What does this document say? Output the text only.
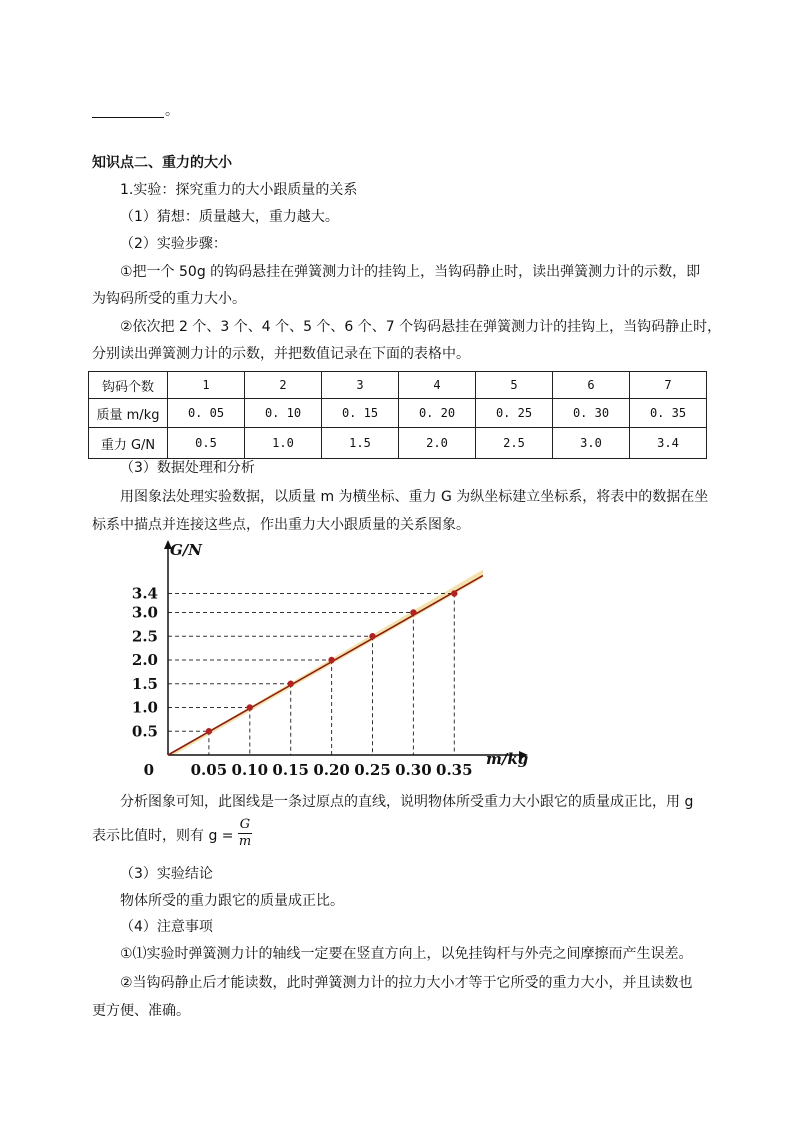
。
知识点二、重力的大小
1.实验：探究重力的大小跟质量的关系
（1）猜想：质量越大，重力越大。
（2）实验步骤：
①把一个 50g 的钩码悬挂在弹簧测力计的挂钩上，当钩码静止时，读出弹簧测力计的示数，即
为钩码所受的重力大小。
②依次把 2 个、3 个、4 个、5 个、6 个、7 个钩码悬挂在弹簧测力计的挂钩上，当钩码静止时，
分别读出弹簧测力计的示数，并把数值记录在下面的表格中。
钩码个数	1	2	3	4	5	6	7
质量 m/kg	0. 05	0. 10	0. 15	0. 20	0. 25	0. 30	0. 35
重力 G/N	0.5	1.0	1.5	2.0	2.5	3.0	3.4
（3）数据处理和分析
用图象法处理实验数据，以质量 m 为横坐标、重力 G 为纵坐标建立坐标系，将表中的数据在坐
标系中描点并连接这些点，作出重力大小跟质量的关系图象。
0.05 0.10 0.15 0.20 0.25 0.30 0.35
0.5
1.0
1.5
2.0
2.5
3.0
3.4
0
m/kg
G/N
分析图象可知，此图线是一条过原点的直线，说明物体所受重力大小跟它的质量成正比，用 g
表示比值时，则有 g =
G
m
（3）实验结论
物体所受的重力跟它的质量成正比。
（4）注意事项
①⑴实验时弹簧测力计的轴线一定要在竖直方向上，以免挂钩杆与外壳之间摩擦而产生误差。
②当钩码静止后才能读数，此时弹簧测力计的拉力大小才等于它所受的重力大小，并且读数也
更方便、准确。
